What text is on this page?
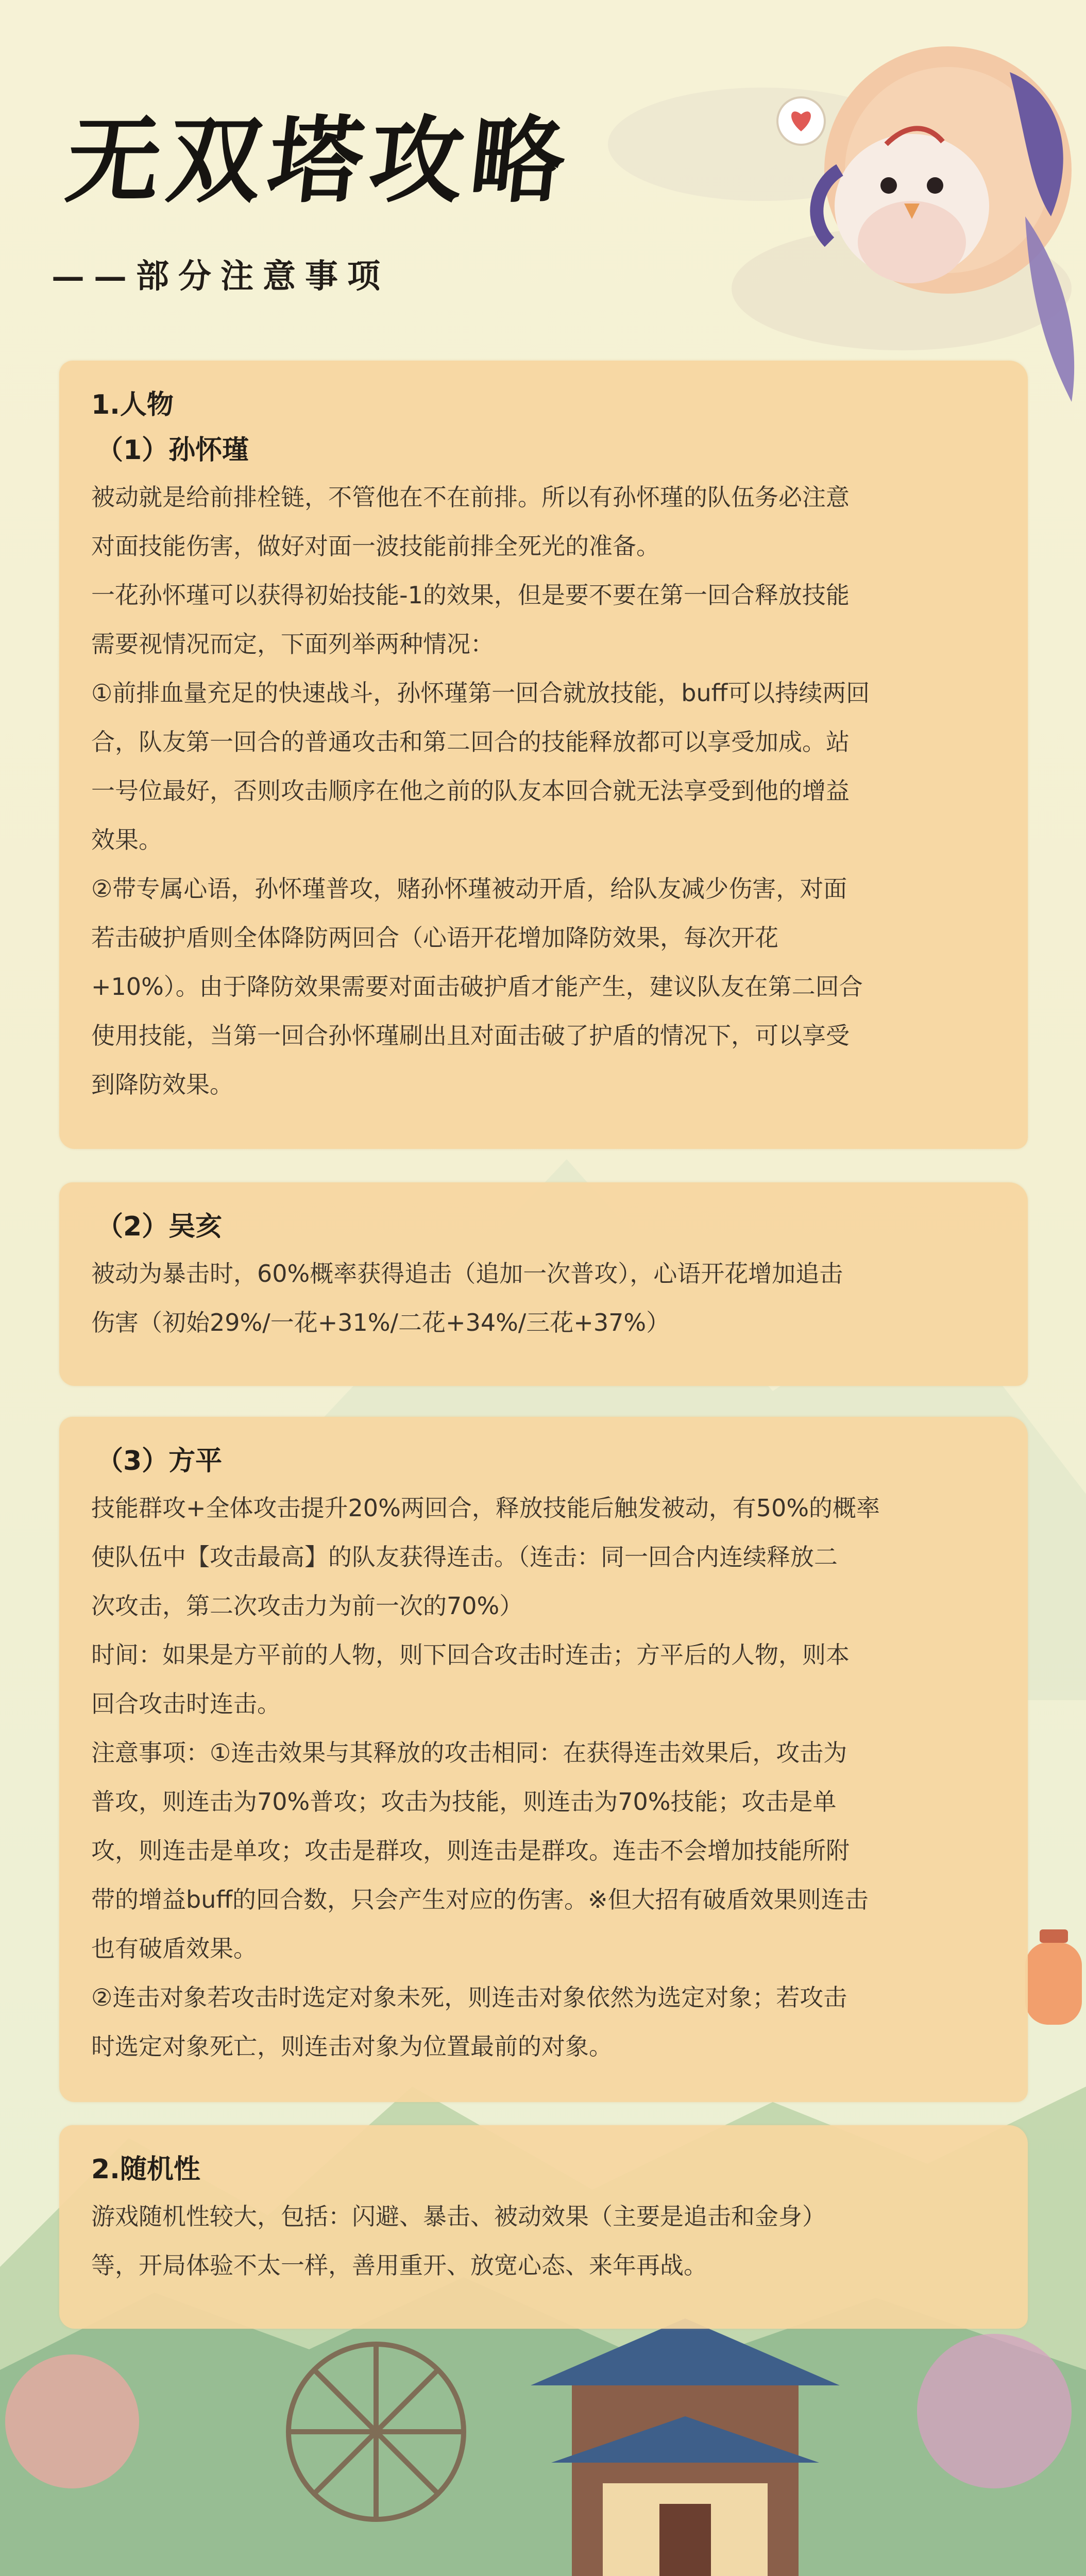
无双塔攻略
——部分注意事项
1.人物
（1）孙怀瑾
被动就是给前排栓链，不管他在不在前排。所以有孙怀瑾的队伍务必注意
对面技能伤害，做好对面一波技能前排全死光的准备。
一花孙怀瑾可以获得初始技能-1的效果，但是要不要在第一回合释放技能
需要视情况而定，下面列举两种情况：
①前排血量充足的快速战斗，孙怀瑾第一回合就放技能，buff可以持续两回
合，队友第一回合的普通攻击和第二回合的技能释放都可以享受加成。站
一号位最好，否则攻击顺序在他之前的队友本回合就无法享受到他的增益
效果。
②带专属心语，孙怀瑾普攻，赌孙怀瑾被动开盾，给队友减少伤害，对面
若击破护盾则全体降防两回合（心语开花增加降防效果，每次开花
+10%）。由于降防效果需要对面击破护盾才能产生，建议队友在第二回合
使用技能，当第一回合孙怀瑾刷出且对面击破了护盾的情况下，可以享受
到降防效果。
（2）吴亥
被动为暴击时，60%概率获得追击（追加一次普攻），心语开花增加追击
伤害（初始29%/一花+31%/二花+34%/三花+37%）
（3）方平
技能群攻+全体攻击提升20%两回合，释放技能后触发被动，有50%的概率
使队伍中【攻击最高】的队友获得连击。（连击：同一回合内连续释放二
次攻击，第二次攻击力为前一次的70%）
时间：如果是方平前的人物，则下回合攻击时连击；方平后的人物，则本
回合攻击时连击。
注意事项：①连击效果与其释放的攻击相同：在获得连击效果后，攻击为
普攻，则连击为70%普攻；攻击为技能，则连击为70%技能；攻击是单
攻，则连击是单攻；攻击是群攻，则连击是群攻。连击不会增加技能所附
带的增益buff的回合数，只会产生对应的伤害。※但大招有破盾效果则连击
也有破盾效果。
②连击对象若攻击时选定对象未死，则连击对象依然为选定对象；若攻击
时选定对象死亡，则连击对象为位置最前的对象。
2.随机性
游戏随机性较大，包括：闪避、暴击、被动效果（主要是追击和金身）
等，开局体验不太一样，善用重开、放宽心态、来年再战。
